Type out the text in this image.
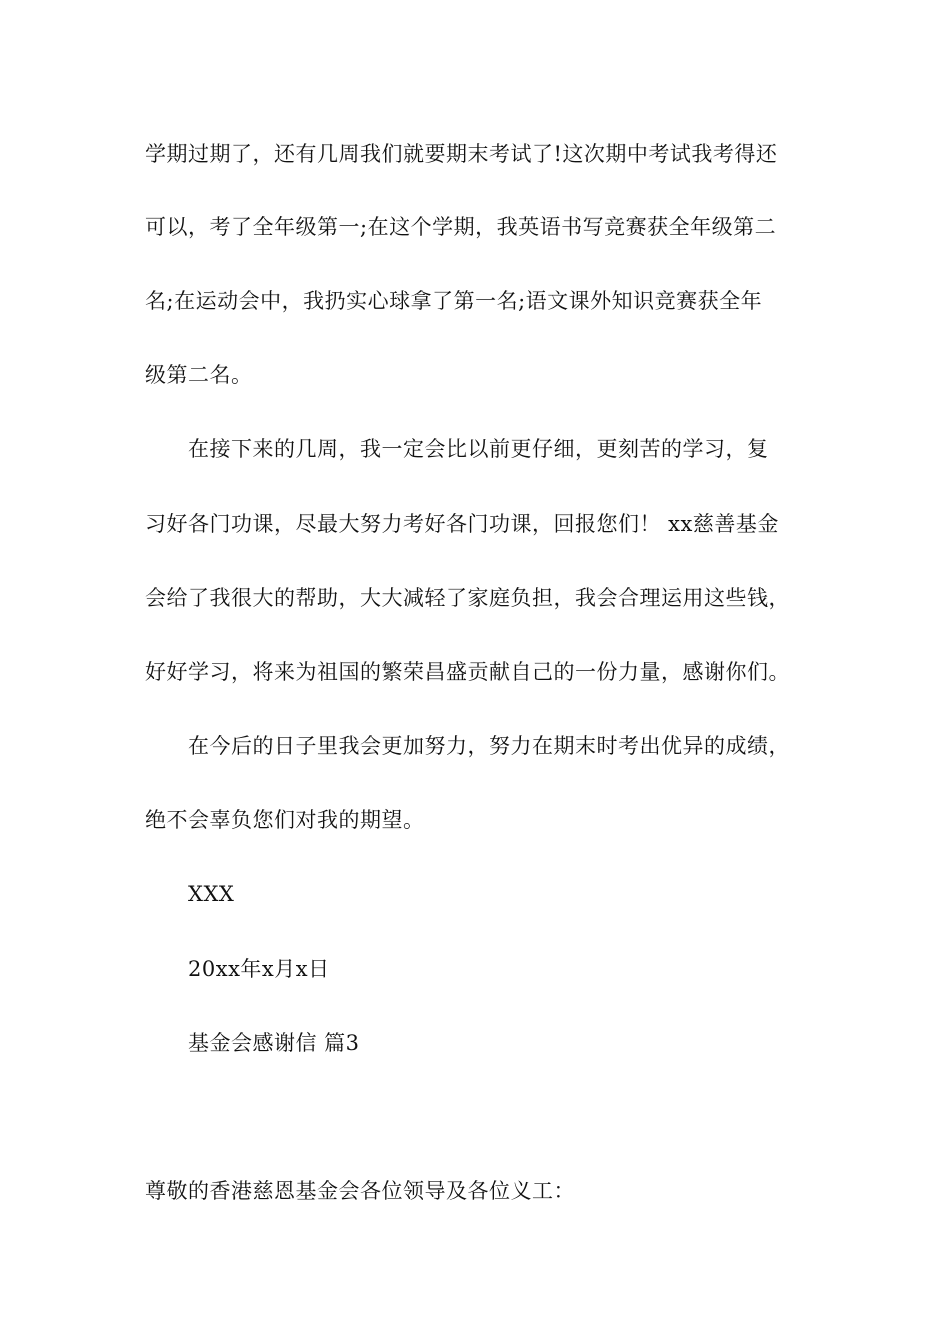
学期过期了，还有几周我们就要期末考试了!这次期中考试我考得还
可以，考了全年级第一;在这个学期，我英语书写竞赛获全年级第二
名;在运动会中，我扔实心球拿了第一名;语文课外知识竞赛获全年
级第二名。
在接下来的几周，我一定会比以前更仔细，更刻苦的学习，复
习好各门功课，尽最大努力考好各门功课，回报您们！ xx慈善基金
会给了我很大的帮助，大大减轻了家庭负担，我会合理运用这些钱，
好好学习，将来为祖国的繁荣昌盛贡献自己的一份力量，感谢你们。
在今后的日子里我会更加努力，努力在期末时考出优异的成绩，
绝不会辜负您们对我的期望。
XXX
20xx年x月x日
基金会感谢信 篇3
尊敬的香港慈恩基金会各位领导及各位义工：
